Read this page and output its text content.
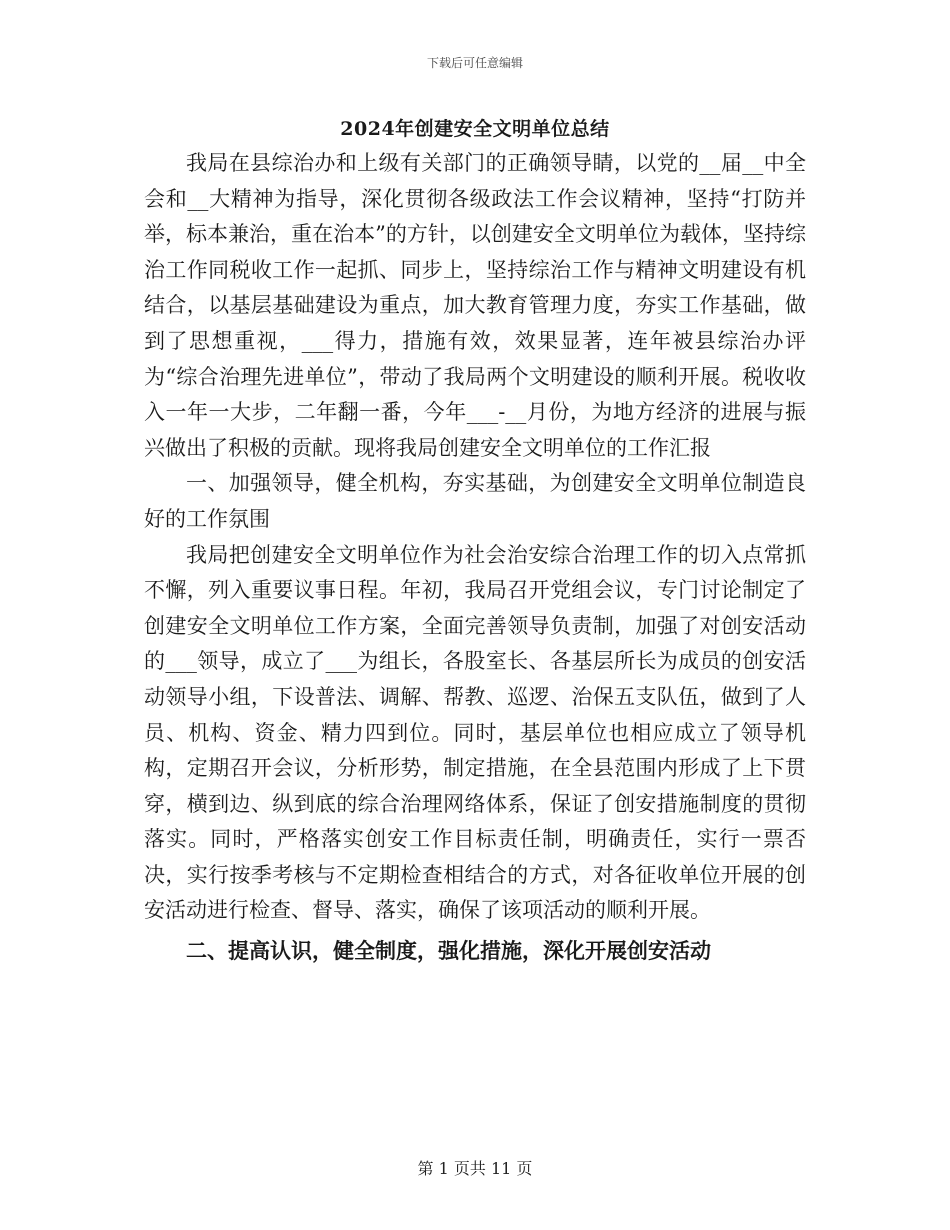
下载后可任意编辑
2024年创建安全文明单位总结

我局在县综治办和上级有关部门的正确领导睛，以党的__届__中全会和__大精神为指导，深化贯彻各级政法工作会议精神，坚持“打防并举，标本兼治，重在治本”的方针，以创建安全文明单位为载体，坚持综治工作同税收工作一起抓、同步上，坚持综治工作与精神文明建设有机结合，以基层基础建设为重点，加大教育管理力度，夯实工作基础，做到了思想重视，___得力，措施有效，效果显著，连年被县综治办评为“综合治理先进单位”，带动了我局两个文明建设的顺利开展。税收收入一年一大步，二年翻一番，今年___-__月份，为地方经济的进展与振兴做出了积极的贡献。现将我局创建安全文明单位的工作汇报

一、加强领导，健全机构，夯实基础，为创建安全文明单位制造良好的工作氛围

我局把创建安全文明单位作为社会治安综合治理工作的切入点常抓不懈，列入重要议事日程。年初，我局召开党组会议，专门讨论制定了创建安全文明单位工作方案，全面完善领导负责制，加强了对创安活动的___领导，成立了___为组长，各股室长、各基层所长为成员的创安活动领导小组，下设普法、调解、帮教、巡逻、治保五支队伍，做到了人员、机构、资金、精力四到位。同时，基层单位也相应成立了领导机构，定期召开会议，分析形势，制定措施，在全县范围内形成了上下贯穿，横到边、纵到底的综合治理网络体系，保证了创安措施制度的贯彻落实。同时，严格落实创安工作目标责任制，明确责任，实行一票否决，实行按季考核与不定期检查相结合的方式，对各征收单位开展的创安活动进行检查、督导、落实，确保了该项活动的顺利开展。

二、提高认识，健全制度，强化措施，深化开展创安活动

第 1 页共 11 页
